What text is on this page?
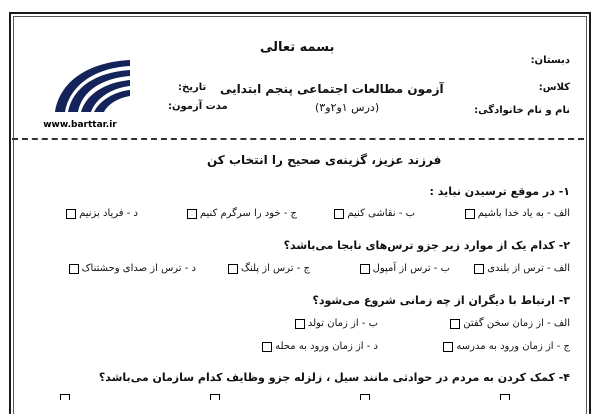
بسمه تعالی
آزمون مطالعات اجتماعی پنجم ابتدایی
(درس ۱و۲و۳)
دبستان:
کلاس:
نام و نام خانوادگی:
تاریخ:
مدت آزمون:
www.barttar.ir
فرزند عزیز، گزینه‌ی صحیح را انتخاب کن
۱- در موقع ترسیدن نباید :
الف - به یاد خدا باشیم
ب - نقاشی کنیم
ج - خود را سرگرم کنیم
د - فریاد بزنیم
۲- کدام یک از موارد زیر جزو ترس‌های نابجا می‌باشد؟
الف - ترس از بلندی
ب - ترس از آمپول
ج - ترس از پلنگ
د - ترس از صدای وحشتناک
۳- ارتباط با دیگران از چه زمانی شروع می‌شود؟
الف - از زمان سخن گفتن
ب - از زمان تولد
ج - از زمان ورود به مدرسه
د - از زمان ورود به محله
۴- کمک کردن به مردم در حوادثی مانند سیل ، زلزله جزو وظایف کدام سازمان می‌باشد؟
